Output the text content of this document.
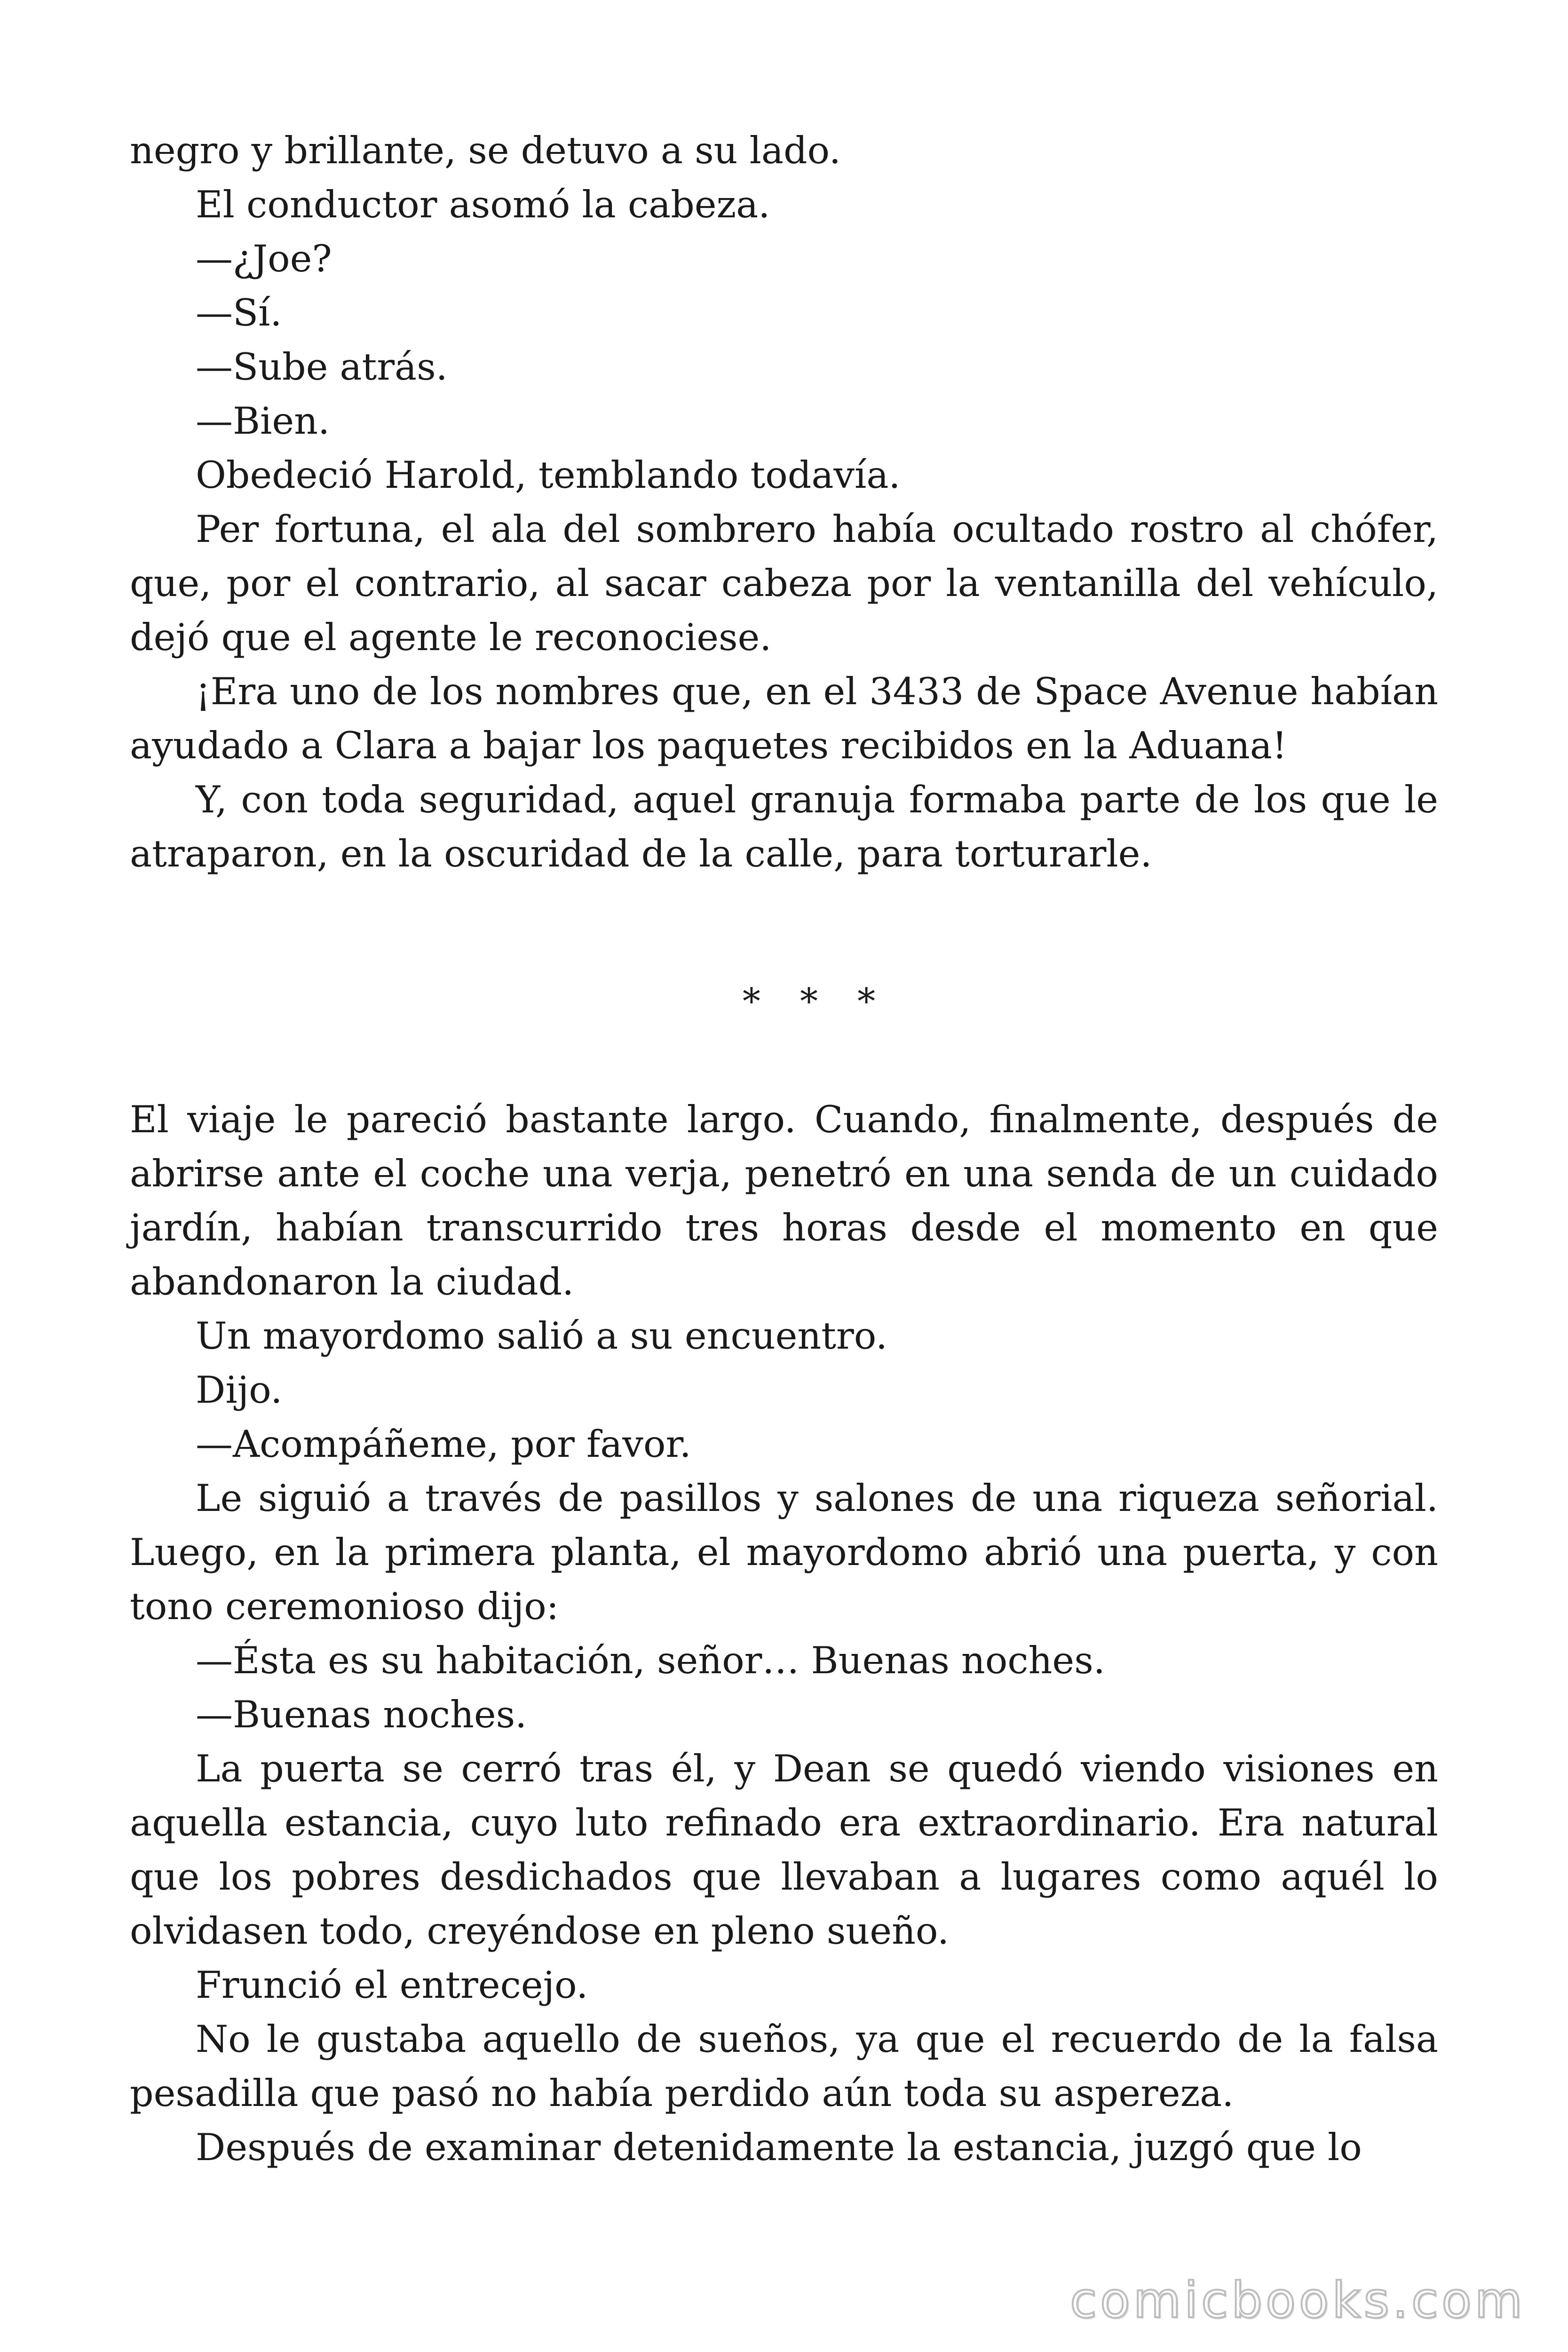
negro y brillante, se detuvo a su lado.

El conductor asomó la cabeza.

—¿Joe?

—Sí.

—Sube atrás.

—Bien.

Obedeció Harold, temblando todavía.

Per fortuna, el ala del sombrero había ocultado rostro al chófer, que, por el contrario, al sacar cabeza por la ventanilla del vehículo, dejó que el agente le reconociese.

¡Era uno de los nombres que, en el 3433 de Space Avenue habían ayudado a Clara a bajar los paquetes recibidos en la Aduana!

Y, con toda seguridad, aquel granuja formaba parte de los que le atraparon, en la oscuridad de la calle, para torturarle.

* * *

El viaje le pareció bastante largo. Cuando, finalmente, después de abrirse ante el coche una verja, penetró en una senda de un cuidado jardín, habían transcurrido tres horas desde el momento en que abandonaron la ciudad.

Un mayordomo salió a su encuentro.

Dijo.

—Acompáñeme, por favor.

Le siguió a través de pasillos y salones de una riqueza señorial. Luego, en la primera planta, el mayordomo abrió una puerta, y con tono ceremonioso dijo:

—Ésta es su habitación, señor… Buenas noches.

—Buenas noches.

La puerta se cerró tras él, y Dean se quedó viendo visiones en aquella estancia, cuyo luto refinado era extraordinario. Era natural que los pobres desdichados que llevaban a lugares como aquél lo olvidasen todo, creyéndose en pleno sueño.

Frunció el entrecejo.

No le gustaba aquello de sueños, ya que el recuerdo de la falsa pesadilla que pasó no había perdido aún toda su aspereza.

Después de examinar detenidamente la estancia, juzgó que lo

comicbooks.com
